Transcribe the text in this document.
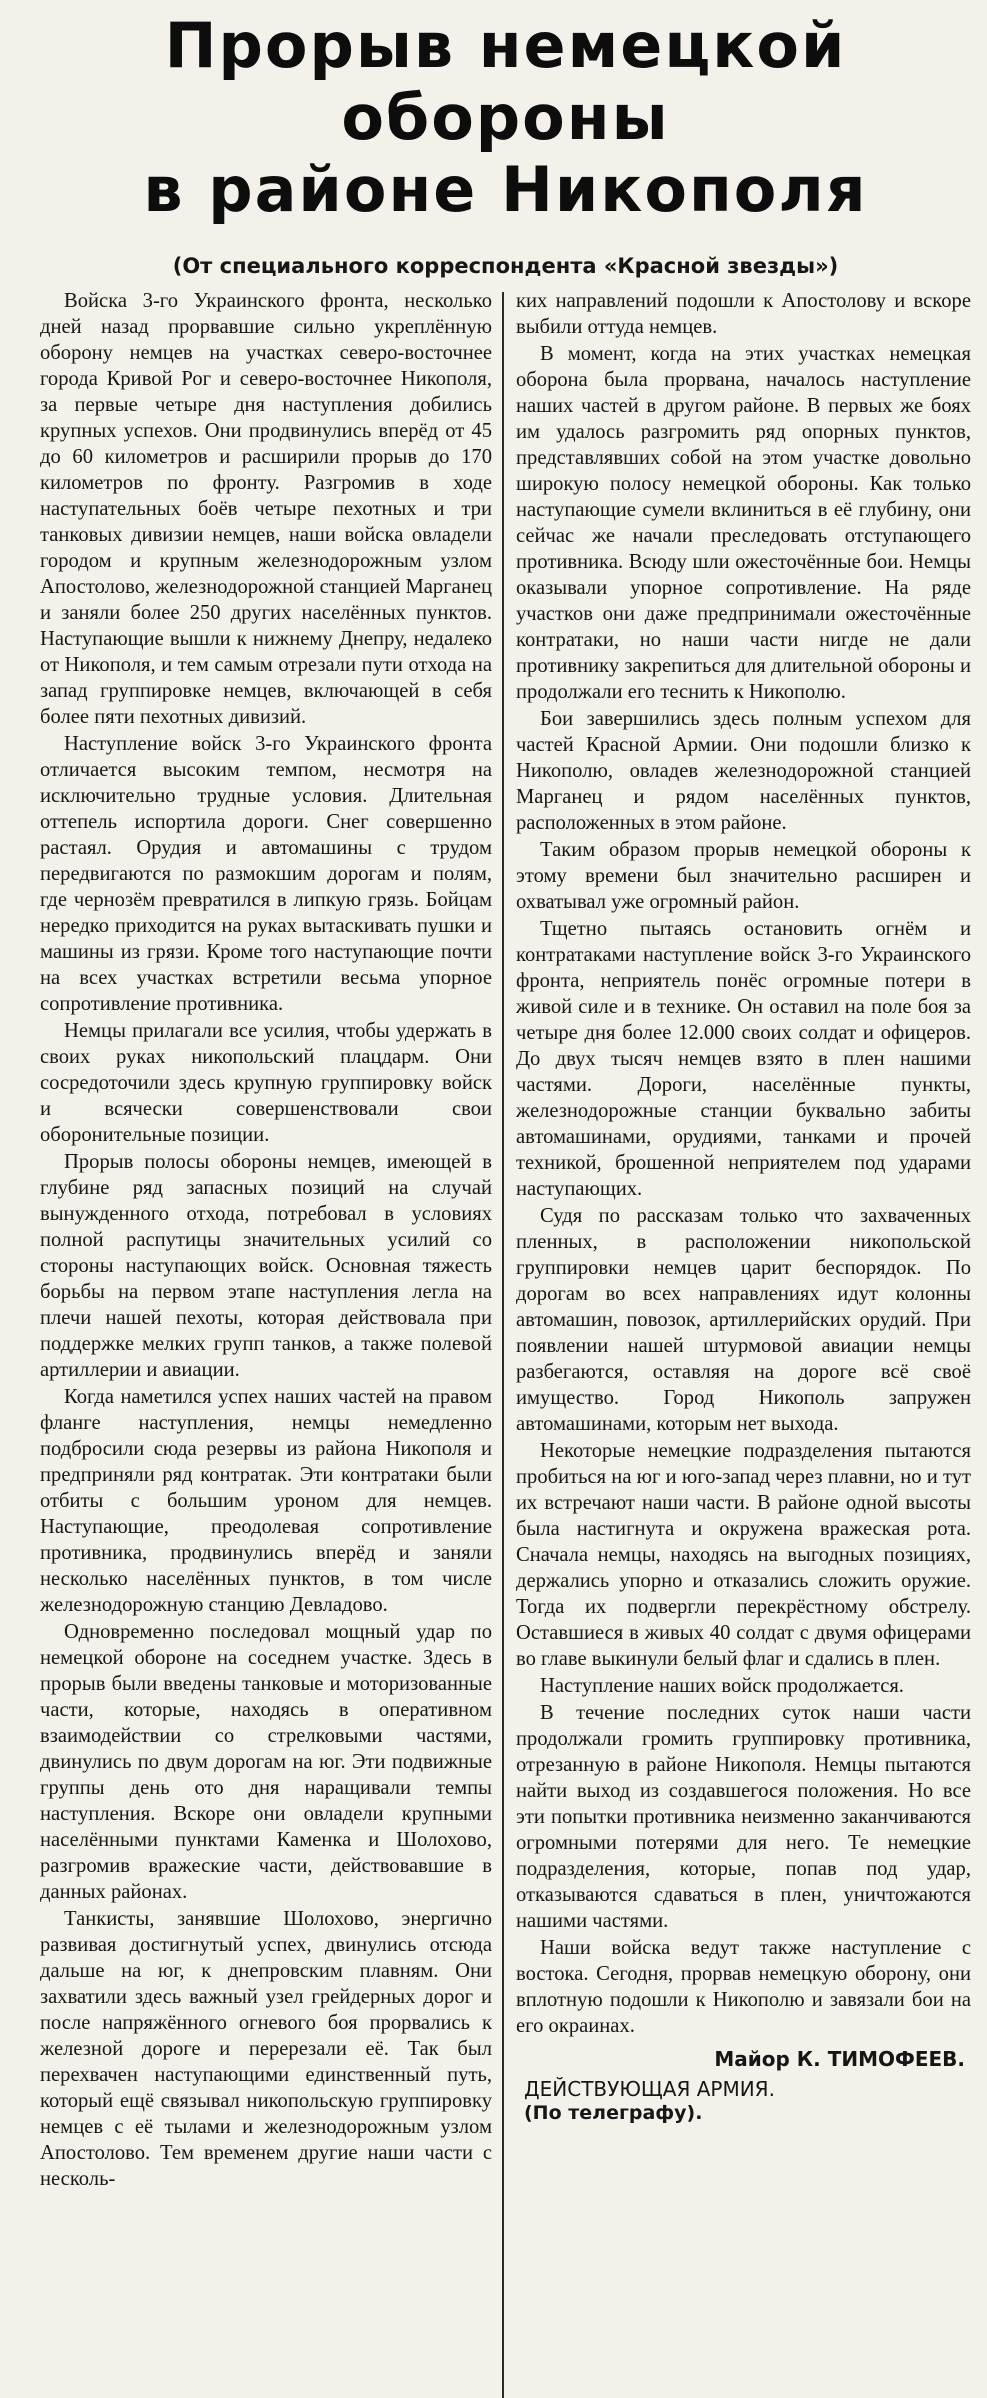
Прорыв немецкой обороны
в районе Никополя
(От специального корреспондента «Красной звезды»)

Войска 3-го Украинского фронта, несколько дней назад прорвавшие сильно укреплённую оборону немцев на участках северо-восточнее города Кривой Рог и северо-восточнее Никополя, за первые четыре дня наступления добились крупных успехов. Они продвинулись вперёд от 45 до 60 километров и расширили прорыв до 170 километров по фронту. Разгромив в ходе наступательных боёв четыре пехотных и три танковых дивизии немцев, наши войска овладели городом и крупным железнодорожным узлом Апостолово, железнодорожной станцией Марганец и заняли более 250 других населённых пунктов. Наступающие вышли к нижнему Днепру, недалеко от Никополя, и тем самым отрезали пути отхода на запад группировке немцев, включающей в себя более пяти пехотных дивизий.

Наступление войск 3-го Украинского фронта отличается высоким темпом, несмотря на исключительно трудные условия. Длительная оттепель испортила дороги. Снег совершенно растаял. Орудия и автомашины с трудом передвигаются по размокшим дорогам и полям, где чернозём превратился в липкую грязь. Бойцам нередко приходится на руках вытаскивать пушки и машины из грязи. Кроме того наступающие почти на всех участках встретили весьма упорное сопротивление противника.

Немцы прилагали все усилия, чтобы удержать в своих руках никопольский плацдарм. Они сосредоточили здесь крупную группировку войск и всячески совершенствовали свои оборонительные позиции.

Прорыв полосы обороны немцев, имеющей в глубине ряд запасных позиций на случай вынужденного отхода, потребовал в условиях полной распутицы значительных усилий со стороны наступающих войск. Основная тяжесть борьбы на первом этапе наступления легла на плечи нашей пехоты, которая действовала при поддержке мелких групп танков, а также полевой артиллерии и авиации.

Когда наметился успех наших частей на правом фланге наступления, немцы немедленно подбросили сюда резервы из района Никополя и предприняли ряд контратак. Эти контратаки были отбиты с большим уроном для немцев. Наступающие, преодолевая сопротивление противника, продвинулись вперёд и заняли несколько населённых пунктов, в том числе железнодорожную станцию Девладово.

Одновременно последовал мощный удар по немецкой обороне на соседнем участке. Здесь в прорыв были введены танковые и моторизованные части, которые, находясь в оперативном взаимодействии со стрелковыми частями, двинулись по двум дорогам на юг. Эти подвижные группы день ото дня наращивали темпы наступления. Вскоре они овладели крупными населёнными пунктами Каменка и Шолохово, разгромив вражеские части, действовавшие в данных районах.

Танкисты, занявшие Шолохово, энергично развивая достигнутый успех, двинулись отсюда дальше на юг, к днепровским плавням. Они захватили здесь важный узел грейдерных дорог и после напряжённого огневого боя прорвались к железной дороге и перерезали её. Так был перехвачен наступающими единственный путь, который ещё связывал никопольскую группировку немцев с её тылами и железнодорожным узлом Апостолово. Тем временем другие наши части с несколь-

ких направлений подошли к Апостолову и вскоре выбили оттуда немцев.

В момент, когда на этих участках немецкая оборона была прорвана, началось наступление наших частей в другом районе. В первых же боях им удалось разгромить ряд опорных пунктов, представлявших собой на этом участке довольно широкую полосу немецкой обороны. Как только наступающие сумели вклиниться в её глубину, они сейчас же начали преследовать отступающего противника. Всюду шли ожесточённые бои. Немцы оказывали упорное сопротивление. На ряде участков они даже предпринимали ожесточённые контратаки, но наши части нигде не дали противнику закрепиться для длительной обороны и продолжали его теснить к Никополю.

Бои завершились здесь полным успехом для частей Красной Армии. Они подошли близко к Никополю, овладев железнодорожной станцией Марганец и рядом населённых пунктов, расположенных в этом районе.

Таким образом прорыв немецкой обороны к этому времени был значительно расширен и охватывал уже огромный район.

Тщетно пытаясь остановить огнём и контратаками наступление войск 3-го Украинского фронта, неприятель понёс огромные потери в живой силе и в технике. Он оставил на поле боя за четыре дня более 12.000 своих солдат и офицеров. До двух тысяч немцев взято в плен нашими частями. Дороги, населённые пункты, железнодорожные станции буквально забиты автомашинами, орудиями, танками и прочей техникой, брошенной неприятелем под ударами наступающих.

Судя по рассказам только что захваченных пленных, в расположении никопольской группировки немцев царит беспорядок. По дорогам во всех направлениях идут колонны автомашин, повозок, артиллерийских орудий. При появлении нашей штурмовой авиации немцы разбегаются, оставляя на дороге всё своё имущество. Город Никополь запружен автомашинами, которым нет выхода.

Некоторые немецкие подразделения пытаются пробиться на юг и юго-запад через плавни, но и тут их встречают наши части. В районе одной высоты была настигнута и окружена вражеская рота. Сначала немцы, находясь на выгодных позициях, держались упорно и отказались сложить оружие. Тогда их подвергли перекрёстному обстрелу. Оставшиеся в живых 40 солдат с двумя офицерами во главе выкинули белый флаг и сдались в плен.

Наступление наших войск продолжается.

В течение последних суток наши части продолжали громить группировку противника, отрезанную в районе Никополя. Немцы пытаются найти выход из создавшегося положения. Но все эти попытки противника неизменно заканчиваются огромными потерями для него. Те немецкие подразделения, которые, попав под удар, отказываются сдаваться в плен, уничтожаются нашими частями.

Наши войска ведут также наступление с востока. Сегодня, прорвав немецкую оборону, они вплотную подошли к Никополю и завязали бои на его окраинах.

Майор К. ТИМОФЕЕВ.
ДЕЙСТВУЮЩАЯ АРМИЯ.
(По телеграфу).
